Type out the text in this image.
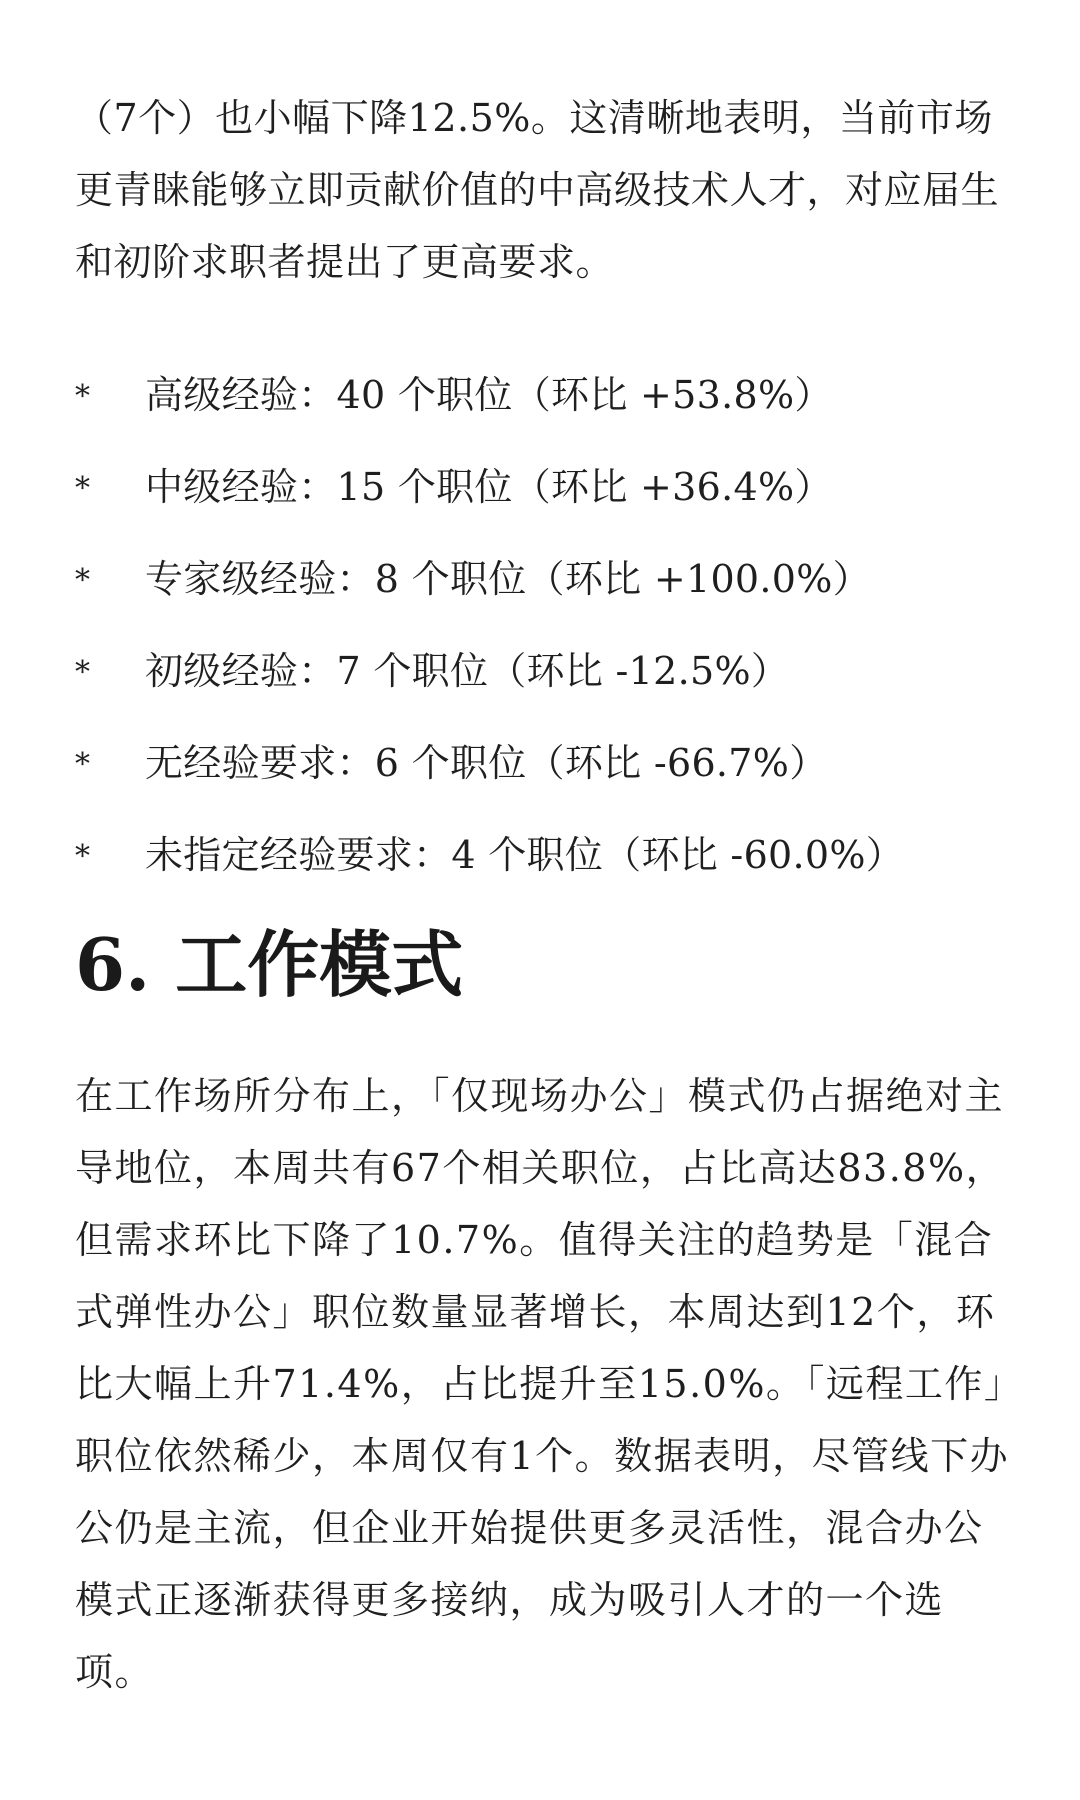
（7个）也小幅下降12.5%。这清晰地表明，当前市场更青睐能够立即贡献价值的中高级技术人才，对应届生和初阶求职者提出了更高要求。

*	高级经验：40 个职位（环比 +53.8%）
*	中级经验：15 个职位（环比 +36.4%）
*	专家级经验：8 个职位（环比 +100.0%）
*	初级经验：7 个职位（环比 -12.5%）
*	无经验要求：6 个职位（环比 -66.7%）
*	未指定经验要求：4 个职位（环比 -60.0%）
6. 工作模式

在工作场所分布上，「仅现场办公」模式仍占据绝对主导地位，本周共有67个相关职位，占比高达83.8%，但需求环比下降了10.7%。值得关注的趋势是「混合式弹性办公」职位数量显著增长，本周达到12个，环比大幅上升71.4%，占比提升至15.0%。「远程工作」职位依然稀少，本周仅有1个。数据表明，尽管线下办公仍是主流，但企业开始提供更多灵活性，混合办公模式正逐渐获得更多接纳，成为吸引人才的一个选项。
